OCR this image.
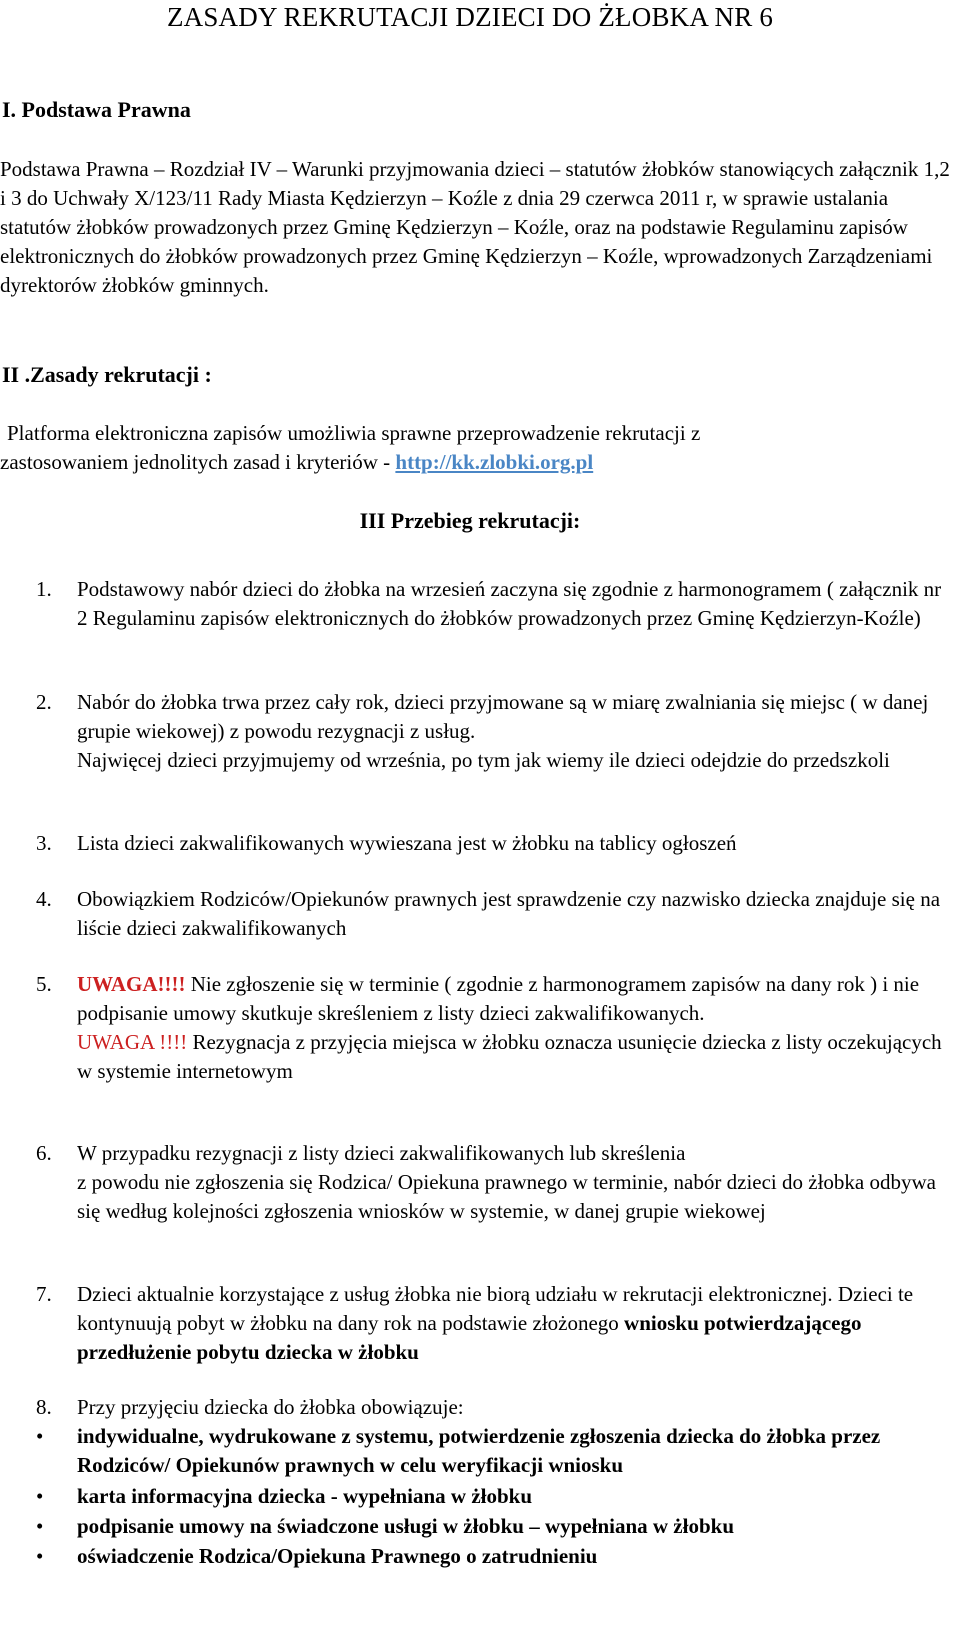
ZASADY REKRUTACJI DZIECI DO ŻŁOBKA NR 6
I. Podstawa Prawna
Podstawa Prawna – Rozdział IV – Warunki przyjmowania dzieci – statutów żłobków stanowiących załącznik 1,2 i 3 do Uchwały X/123/11 Rady Miasta Kędzierzyn – Koźle z dnia 29 czerwca 2011 r, w sprawie ustalania statutów żłobków prowadzonych przez Gminę Kędzierzyn – Koźle, oraz na podstawie Regulaminu zapisów elektronicznych do żłobków prowadzonych przez Gminę Kędzierzyn – Koźle, wprowadzonych Zarządzeniami dyrektorów żłobków gminnych.
II .Zasady rekrutacji :
Platforma elektroniczna zapisów umożliwia sprawne przeprowadzenie rekrutacji z
zastosowaniem jednolitych zasad i kryteriów - http://kk.zlobki.org.pl
III Przebieg rekrutacji:
1. Podstawowy nabór dzieci do żłobka na wrzesień zaczyna się zgodnie z harmonogramem ( załącznik nr 2 Regulaminu zapisów elektronicznych do żłobków prowadzonych przez Gminę Kędzierzyn-Koźle)
2. Nabór do żłobka trwa przez cały rok, dzieci przyjmowane są w miarę zwalniania się miejsc ( w danej grupie wiekowej) z powodu rezygnacji z usług.
Najwięcej dzieci przyjmujemy od września, po tym jak wiemy ile dzieci odejdzie do przedszkoli
3. Lista dzieci zakwalifikowanych wywieszana jest w żłobku na tablicy ogłoszeń
4. Obowiązkiem Rodziców/Opiekunów prawnych jest sprawdzenie czy nazwisko dziecka znajduje się na liście dzieci zakwalifikowanych
5. UWAGA!!!! Nie zgłoszenie się w terminie ( zgodnie z harmonogramem zapisów na dany rok ) i nie podpisanie umowy skutkuje skreśleniem z listy dzieci zakwalifikowanych.
UWAGA !!!! Rezygnacja z przyjęcia miejsca w żłobku oznacza usunięcie dziecka z listy oczekujących w systemie internetowym
6. W przypadku rezygnacji z listy dzieci zakwalifikowanych lub skreślenia
z powodu nie zgłoszenia się Rodzica/ Opiekuna prawnego w terminie, nabór dzieci do żłobka odbywa się według kolejności zgłoszenia wniosków w systemie, w danej grupie wiekowej
7. Dzieci aktualnie korzystające z usług żłobka nie biorą udziału w rekrutacji elektronicznej. Dzieci te kontynuują pobyt w żłobku na dany rok na podstawie złożonego wniosku potwierdzającego przedłużenie pobytu dziecka w żłobku
8. Przy przyjęciu dziecka do żłobka obowiązuje:
• indywidualne, wydrukowane z systemu, potwierdzenie zgłoszenia dziecka do żłobka przez Rodziców/ Opiekunów prawnych w celu weryfikacji wniosku
• karta informacyjna dziecka - wypełniana w żłobku
• podpisanie umowy na świadczone usługi w żłobku – wypełniana w żłobku
• oświadczenie Rodzica/Opiekuna Prawnego o zatrudnieniu
